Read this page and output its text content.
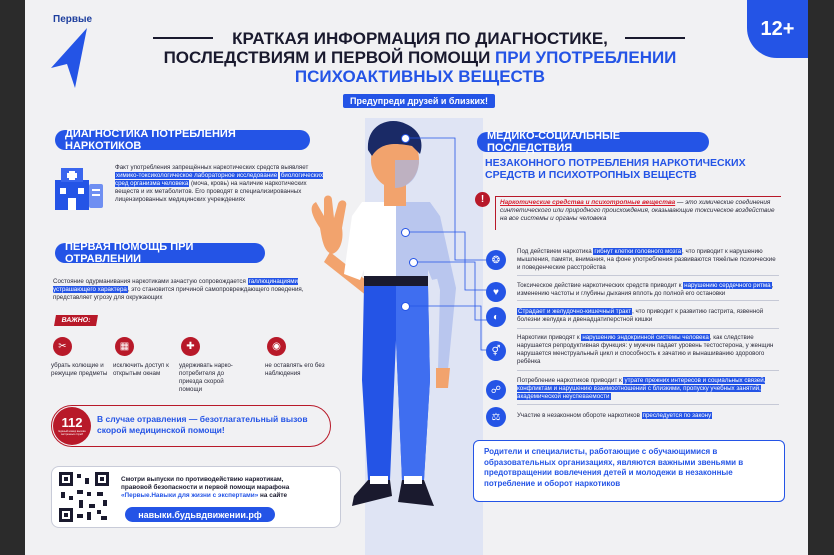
Первые	12+
КРАТКАЯ ИНФОРМАЦИЯ ПО ДИАГНОСТИКЕ,
ПОСЛЕДСТВИЯМ И ПЕРВОЙ ПОМОЩИ ПРИ УПОТРЕБЛЕНИИ
ПСИХОАКТИВНЫХ ВЕЩЕСТВ
Предупреди друзей и близких!
ДИАГНОСТИКА ПОТРЕБЛЕНИЯ НАРКОТИКОВ
Факт употребления запрещённых наркотических средств выявляет химико-токсикологическое лабораторное исследование биологических сред организма человека (моча, кровь) на наличие наркотических веществ и их метаболитов. Его проводят в специализированных лицензированных медицинских учреждениях
ПЕРВАЯ ПОМОЩЬ ПРИ ОТРАВЛЕНИИ
Состояние одурманивания наркотиками зачастую сопровождается галлюцинациями устрашающего характера, это становится причиной самопровреждающего поведения, представляет угрозу для окружающих
ВАЖНО:
✂	▦	✚	◉
убрать колющие и режущие предметы
исключить доступ к открытым окнам
удерживать нарко-потребителя до приезда скорой помощи
не оставлять его без наблюдения
112
Единый номер вызова экстренных служб
В случае отравления — безотлагательный вызов
скорой медицинской помощи!
Смотри выпуски по противодействию наркотикам,
правовой безопасности и первой помощи марафона
«Первые.Навыки для жизни с экспертами» на сайте
навыки.будьвдвижении.рф
МЕДИКО-СОЦИАЛЬНЫЕ ПОСЛЕДСТВИЯ
НЕЗАКОННОГО ПОТРЕБЛЕНИЯ НАРКОТИЧЕСКИХ СРЕДСТВ И ПСИХОТРОПНЫХ ВЕЩЕСТВ
!	Наркотические средства и психотропные вещества — это химические соединения синтетического или природного происхождения, оказывающие токсическое воздействие на все системы и органы человека
❂
Под действием наркотика гибнут клетки головного мозга, что приводит к нарушению мышления, памяти, внимания, на фоне употребления развиваются тяжёлые психические и поведенческие расстройства
♥
Токсическое действие наркотических средств приводит к нарушению сердечного ритма, изменению частоты и глубины дыхания вплоть до полной его остановки
◐	Страдает и желудочно-кишечный тракт, что приводит к развитию гастрита, язвенной болезни желудка и двенадцатиперстной кишки
⚥
Наркотики приводят к нарушению эндокринной системы человека, как следствие нарушается репродуктивная функция: у мужчин падает уровень тестостерона, у женщин нарушается менструальный цикл и способность к зачатию и вынашиванию здорового ребёнка
☍
Потребление наркотиков приводит к утрате прежних интересов и социальных связей, конфликтам и нарушению взаимоотношений с близкими, пропуску учебных занятий, академической неуспеваемости
⚖	Участие в незаконном обороте наркотиков преследуется по закону
Родители и специалисты, работающие с обучающимися в образовательных организациях, являются важными звеньями в предотвращении вовлечения детей и молодежи в незаконные потребление и оборот наркотиков
